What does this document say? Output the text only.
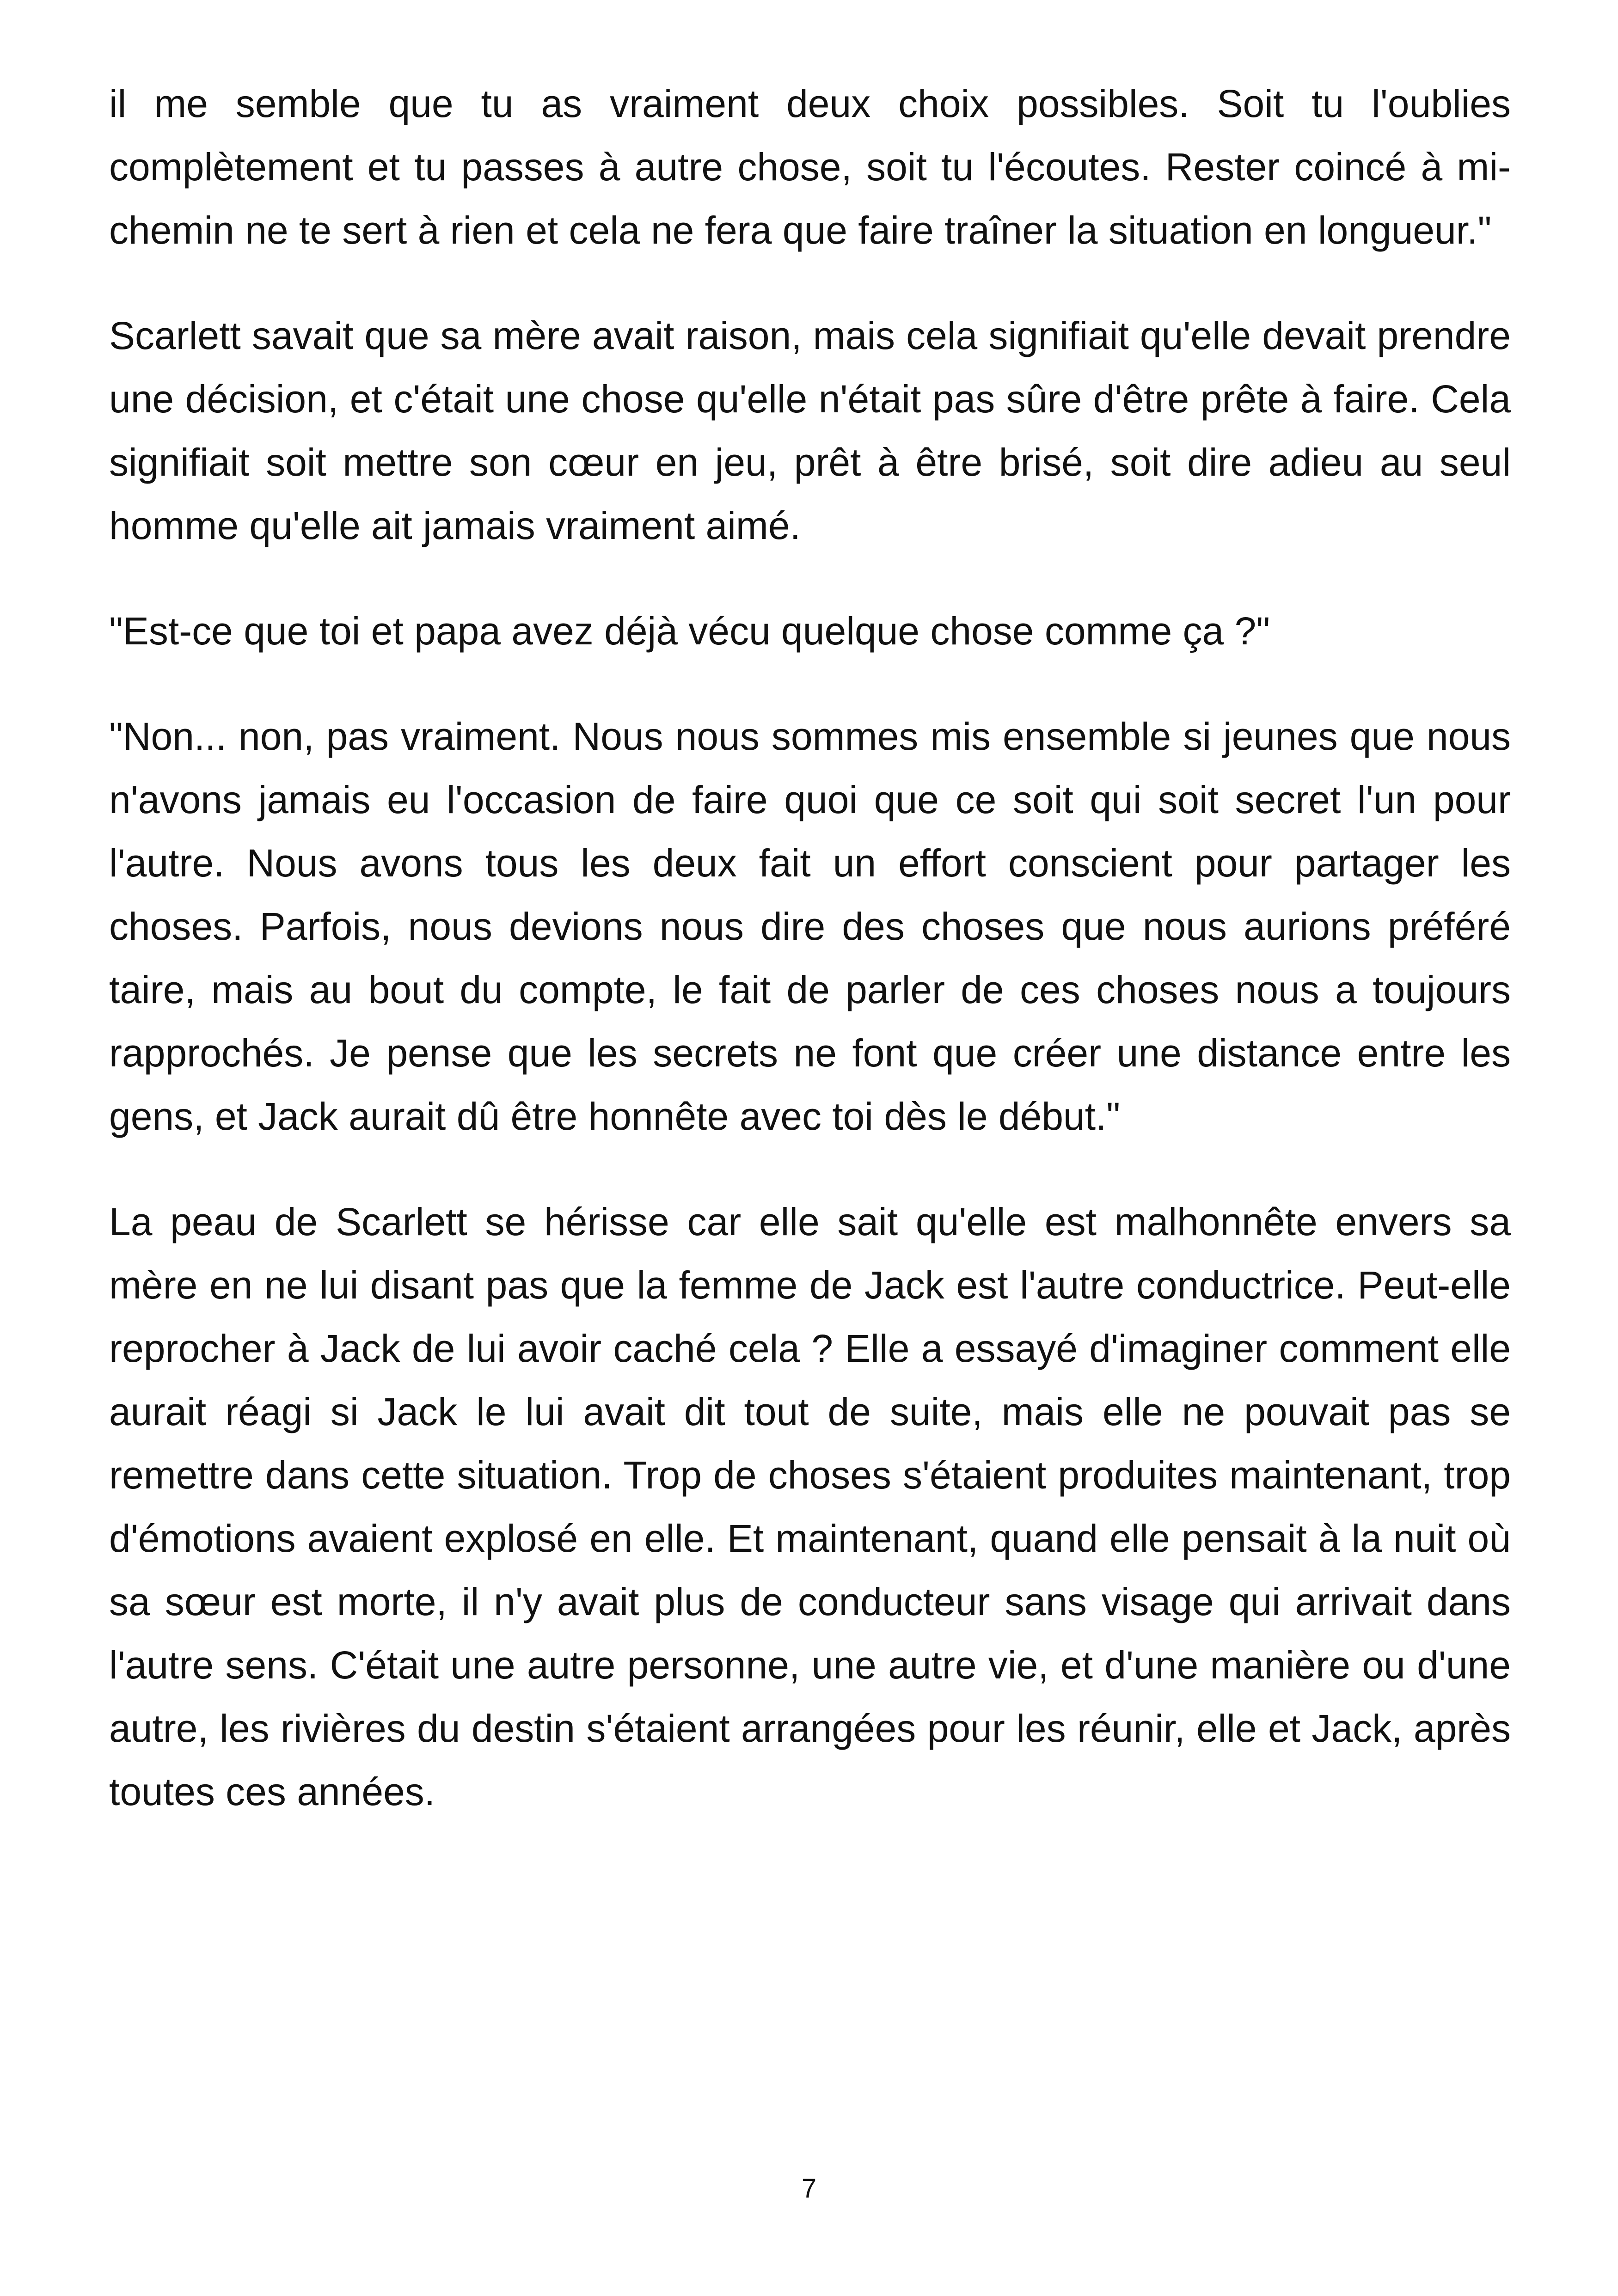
il me semble que tu as vraiment deux choix possibles. Soit tu l'oublies complètement et tu passes à autre chose, soit tu l'écoutes. Rester coincé à mi-chemin ne te sert à rien et cela ne fera que faire traîner la situation en longueur."

Scarlett savait que sa mère avait raison, mais cela signifiait qu'elle devait prendre une décision, et c'était une chose qu'elle n'était pas sûre d'être prête à faire. Cela signifiait soit mettre son cœur en jeu, prêt à être brisé, soit dire adieu au seul homme qu'elle ait jamais vraiment aimé.

"Est-ce que toi et papa avez déjà vécu quelque chose comme ça ?"

"Non... non, pas vraiment. Nous nous sommes mis ensemble si jeunes que nous n'avons jamais eu l'occasion de faire quoi que ce soit qui soit secret l'un pour l'autre. Nous avons tous les deux fait un effort conscient pour partager les choses. Parfois, nous devions nous dire des choses que nous aurions préféré taire, mais au bout du compte, le fait de parler de ces choses nous a toujours rapprochés. Je pense que les secrets ne font que créer une distance entre les gens, et Jack aurait dû être honnête avec toi dès le début."

La peau de Scarlett se hérisse car elle sait qu'elle est malhonnête envers sa mère en ne lui disant pas que la femme de Jack est l'autre conductrice. Peut-elle reprocher à Jack de lui avoir caché cela ? Elle a essayé d'imaginer comment elle aurait réagi si Jack le lui avait dit tout de suite, mais elle ne pouvait pas se remettre dans cette situation. Trop de choses s'étaient produites maintenant, trop d'émotions avaient explosé en elle. Et maintenant, quand elle pensait à la nuit où sa sœur est morte, il n'y avait plus de conducteur sans visage qui arrivait dans l'autre sens. C'était une autre personne, une autre vie, et d'une manière ou d'une autre, les rivières du destin s'étaient arrangées pour les réunir, elle et Jack, après toutes ces années.

7
